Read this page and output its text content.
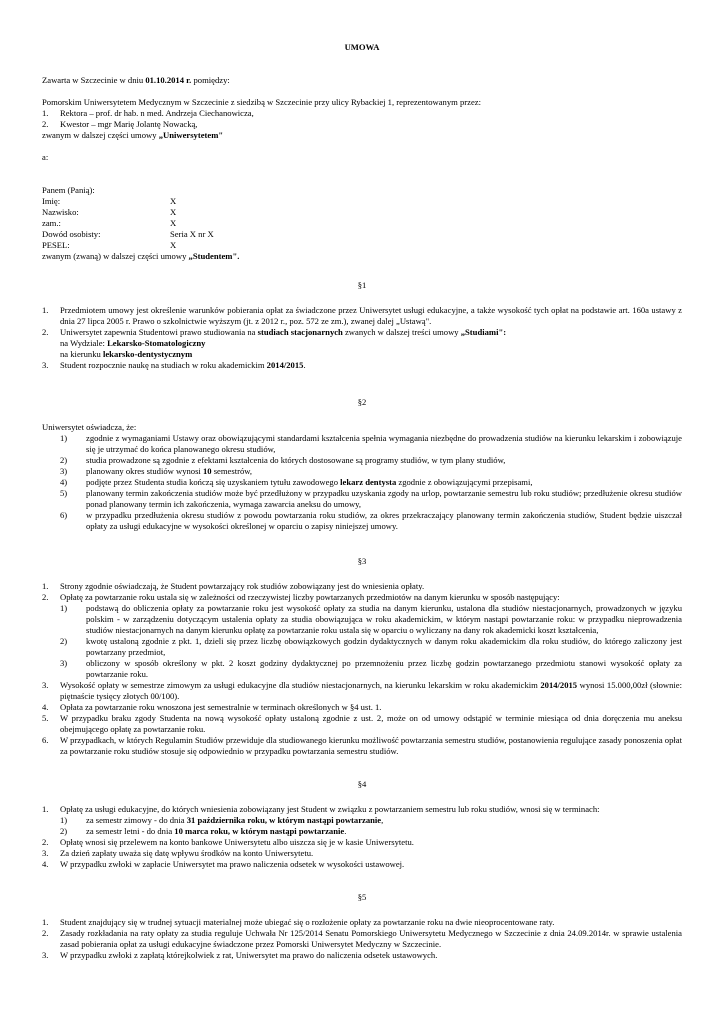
UMOWA

Zawarta w Szczecinie w dniu 01.10.2014 r. pomiędzy:

Pomorskim Uniwersytetem Medycznym w Szczecinie z siedzibą w Szczecinie przy ulicy Rybackiej 1, reprezentowanym przez:

1.	Rektora – prof. dr hab. n med. Andrzeja Ciechanowicza,
2.	Kwestor – mgr Marię Jolantę Nowacką,

zwanym w dalszej części umowy „Uniwersytetem"

a:

Panem (Panią):

Imię:	X
Nazwisko:	X
zam.:	X
Dowód osobisty:	Seria X nr X
PESEL:	X

zwanym (zwaną) w dalszej części umowy „Studentem".

§1

1.	Przedmiotem umowy jest określenie warunków pobierania opłat za świadczone przez Uniwersytet usługi edukacyjne, a także wysokość tych opłat na podstawie art. 160a ustawy z dnia 27 lipca 2005 r. Prawo o szkolnictwie wyższym (jt. z 2012 r., poz. 572 ze zm.), zwanej dalej „Ustawą".
2.	Uniwersytet zapewnia Studentowi prawo studiowania na studiach stacjonarnych zwanych w dalszej treści umowy „Studiami":

na Wydziale: Lekarsko-Stomatologiczny

na kierunku lekarsko-dentystycznym

3.	Student rozpocznie naukę na studiach w roku akademickim 2014/2015.

§2

Uniwersytet oświadcza, że:

1)	zgodnie z wymaganiami Ustawy oraz obowiązującymi standardami kształcenia spełnia wymagania niezbędne do prowadzenia studiów na kierunku lekarskim i zobowiązuje się je utrzymać do końca planowanego okresu studiów,
2)	studia prowadzone są zgodnie z efektami kształcenia do których dostosowane są programy studiów, w tym plany studiów,
3)	planowany okres studiów wynosi 10 semestrów,
4)	podjęte przez Studenta studia kończą się uzyskaniem tytułu zawodowego lekarz dentysta zgodnie z obowiązującymi przepisami,
5)	planowany termin zakończenia studiów może być przedłużony w przypadku uzyskania zgody na urlop, powtarzanie semestru lub roku studiów; przedłużenie okresu studiów ponad planowany termin ich zakończenia, wymaga zawarcia aneksu do umowy,
6)	w przypadku przedłużenia okresu studiów z powodu powtarzania roku studiów, za okres przekraczający planowany termin zakończenia studiów, Student będzie uiszczał opłaty za usługi edukacyjne w wysokości określonej w oparciu o zapisy niniejszej umowy.

§3

1.	Strony zgodnie oświadczają, że Student powtarzający rok studiów zobowiązany jest do wniesienia opłaty.
2.	Opłatę za powtarzanie roku ustala się w zależności od rzeczywistej liczby powtarzanych przedmiotów na danym kierunku w sposób następujący:
1)	podstawą do obliczenia opłaty za powtarzanie roku jest wysokość opłaty za studia na danym kierunku, ustalona dla studiów niestacjonarnych, prowadzonych w języku polskim - w zarządzeniu dotyczącym ustalenia opłaty za studia obowiązująca w roku akademickim, w którym nastąpi powtarzanie roku: w przypadku nieprowadzenia studiów niestacjonarnych na danym kierunku opłatę za powtarzanie roku ustala się w oparciu o wyliczany na dany rok akademicki koszt kształcenia,
2)	kwotę ustaloną zgodnie z pkt. 1, dzieli się przez liczbę obowiązkowych godzin dydaktycznych w danym roku akademickim dla roku studiów, do którego zaliczony jest powtarzany przedmiot,
3)	obliczony w sposób określony w pkt. 2 koszt godziny dydaktycznej po przemnożeniu przez liczbę godzin powtarzanego przedmiotu stanowi wysokość opłaty za powtarzanie roku.
3.	Wysokość opłaty w semestrze zimowym za usługi edukacyjne dla studiów niestacjonarnych, na kierunku lekarskim w roku akademickim 2014/2015 wynosi 15.000,00zł (słownie: piętnaście tysięcy złotych 00/100).
4.	Opłata za powtarzanie roku wnoszona jest semestralnie w terminach określonych w §4 ust. 1.
5.	W przypadku braku zgody Studenta na nową wysokość opłaty ustaloną zgodnie z ust. 2, może on od umowy odstąpić w terminie miesiąca od dnia doręczenia mu aneksu obejmującego opłatę za powtarzanie roku.
6.	W przypadkach, w których Regulamin Studiów przewiduje dla studiowanego kierunku możliwość powtarzania semestru studiów, postanowienia regulujące zasady ponoszenia opłat za powtarzanie roku studiów stosuje się odpowiednio w przypadku powtarzania semestru studiów.

§4

1.	Opłatę za usługi edukacyjne, do których wniesienia zobowiązany jest Student w związku z powtarzaniem semestru lub roku studiów, wnosi się w terminach:
1)	za semestr zimowy - do dnia 31 października roku, w którym nastąpi powtarzanie,
2)	za semestr letni - do dnia 10 marca roku, w którym nastąpi powtarzanie.
2.	Opłatę wnosi się przelewem na konto bankowe Uniwersytetu albo uiszcza się je w kasie Uniwersytetu.
3.	Za dzień zapłaty uważa się datę wpływu środków na konto Uniwersytetu.
4.	W przypadku zwłoki w zapłacie Uniwersytet ma prawo naliczenia odsetek w wysokości ustawowej.

§5

1.	Student znajdujący się w trudnej sytuacji materialnej może ubiegać się o rozłożenie opłaty za powtarzanie roku na dwie nieoprocentowane raty.
2.	Zasady rozkładania na raty opłaty za studia reguluje Uchwała Nr 125/2014 Senatu Pomorskiego Uniwersytetu Medycznego w Szczecinie z dnia 24.09.2014r. w sprawie ustalenia zasad pobierania opłat za usługi edukacyjne świadczone przez Pomorski Uniwersytet Medyczny w Szczecinie.
3.	W przypadku zwłoki z zapłatą którejkolwiek z rat, Uniwersytet ma prawo do naliczenia odsetek ustawowych.
